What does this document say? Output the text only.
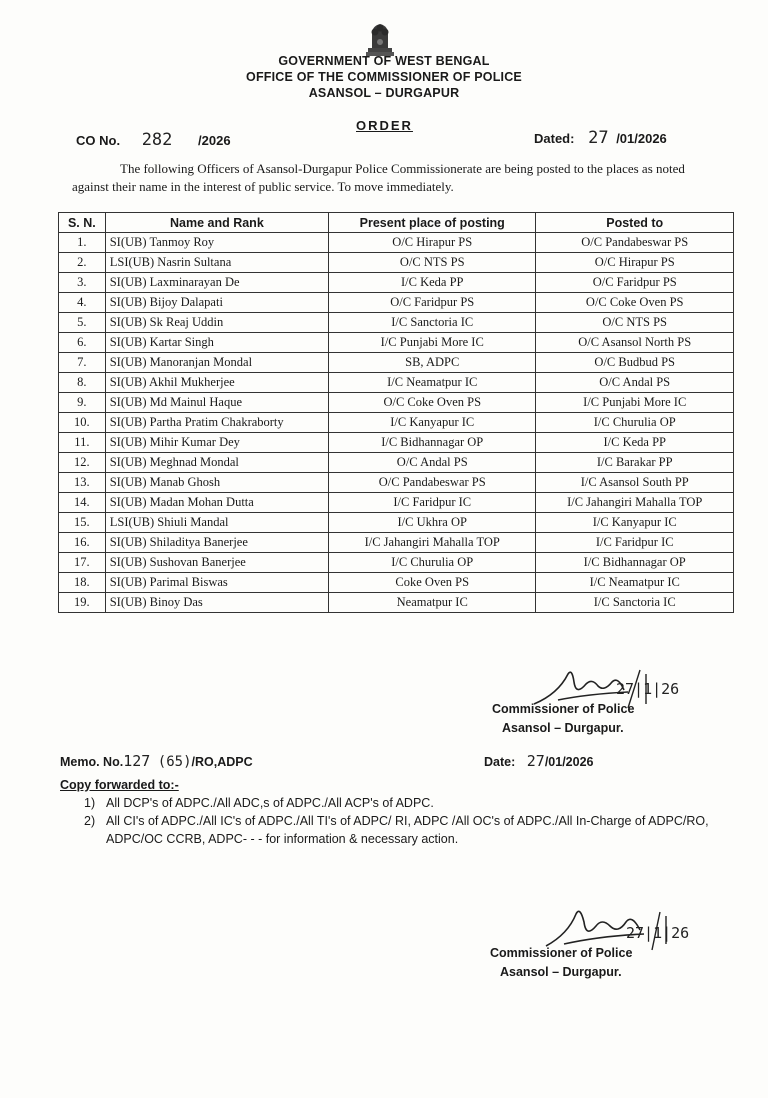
GOVERNMENT OF WEST BENGAL
OFFICE OF THE COMMISSIONER OF POLICE
ASANSOL – DURGAPUR
ORDER
CO No. 282 /2026	Dated: 27 /01/2026
The following Officers of Asansol-Durgapur Police Commissionerate are being posted to the places as noted against their name in the interest of public service. To move immediately.
S. N.	Name and Rank	Present place of posting	Posted to
1.	SI(UB) Tanmoy Roy	O/C Hirapur PS	O/C Pandabeswar PS
2.	LSI(UB) Nasrin Sultana	O/C NTS PS	O/C Hirapur PS
3.	SI(UB) Laxminarayan De	I/C Keda PP	O/C Faridpur PS
4.	SI(UB) Bijoy Dalapati	O/C Faridpur PS	O/C Coke Oven PS
5.	SI(UB) Sk Reaj Uddin	I/C Sanctoria IC	O/C NTS PS
6.	SI(UB) Kartar Singh	I/C Punjabi More IC	O/C Asansol North PS
7.	SI(UB) Manoranjan Mondal	SB, ADPC	O/C Budbud PS
8.	SI(UB) Akhil Mukherjee	I/C Neamatpur IC	O/C Andal PS
9.	SI(UB) Md Mainul Haque	O/C Coke Oven PS	I/C Punjabi More IC
10.	SI(UB) Partha Pratim Chakraborty	I/C Kanyapur IC	I/C Churulia OP
11.	SI(UB) Mihir Kumar Dey	I/C Bidhannagar OP	I/C Keda PP
12.	SI(UB) Meghnad Mondal	O/C Andal PS	I/C Barakar PP
13.	SI(UB) Manab Ghosh	O/C Pandabeswar PS	I/C Asansol South PP
14.	SI(UB) Madan Mohan Dutta	I/C Faridpur IC	I/C Jahangiri Mahalla TOP
15.	LSI(UB) Shiuli Mandal	I/C Ukhra OP	I/C Kanyapur IC
16.	SI(UB) Shiladitya Banerjee	I/C Jahangiri Mahalla TOP	I/C Faridpur IC
17.	SI(UB) Sushovan Banerjee	I/C Churulia OP	I/C Bidhannagar OP
18.	SI(UB) Parimal Biswas	Coke Oven PS	I/C Neamatpur IC
19.	SI(UB) Binoy Das	Neamatpur IC	I/C Sanctoria IC
27|1|26
Commissioner of Police
Asansol – Durgapur.
Memo. No.127 (65)/RO,ADPC	Date: 27/01/2026
Copy forwarded to:-
1) All DCP's of ADPC./All ADC,s of ADPC./All ACP's of ADPC.
2) All CI's of ADPC./All IC's of ADPC./All TI's of ADPC/ RI, ADPC /All OC's of ADPC./All In-Charge of ADPC/RO, ADPC/OC CCRB, ADPC- - - for information & necessary action.
27|1|26
Commissioner of Police
Asansol – Durgapur.
